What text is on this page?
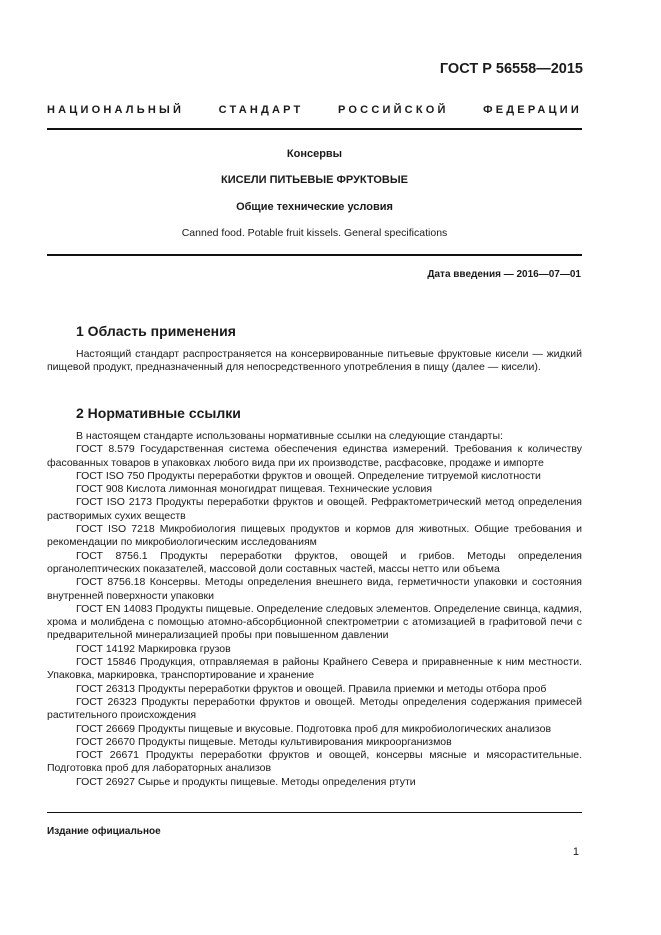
ГОСТ Р 56558—2015
НАЦИОНАЛЬНЫЙ СТАНДАРТ РОССИЙСКОЙ ФЕДЕРАЦИИ
Консервы
КИСЕЛИ ПИТЬЕВЫЕ ФРУКТОВЫЕ
Общие технические условия
Canned food. Potable fruit kissels. General specifications
Дата введения — 2016—07—01
1 Область применения

Настоящий стандарт распространяется на консервированные питьевые фруктовые кисели — жидкий пищевой продукт, предназначенный для непосредственного употребления в пищу (далее — кисели).

2 Нормативные ссылки

В настоящем стандарте использованы нормативные ссылки на следующие стандарты:

ГОСТ 8.579 Государственная система обеспечения единства измерений. Требования к количеству фасованных товаров в упаковках любого вида при их производстве, расфасовке, продаже и импорте

ГОСТ ISO 750 Продукты переработки фруктов и овощей. Определение титруемой кислотности

ГОСТ 908 Кислота лимонная моногидрат пищевая. Технические условия

ГОСТ ISO 2173 Продукты переработки фруктов и овощей. Рефрактометрический метод определения растворимых сухих веществ

ГОСТ ISO 7218 Микробиология пищевых продуктов и кормов для животных. Общие требования и рекомендации по микробиологическим исследованиям

ГОСТ 8756.1 Продукты переработки фруктов, овощей и грибов. Методы определения органолептических показателей, массовой доли составных частей, массы нетто или объема

ГОСТ 8756.18 Консервы. Методы определения внешнего вида, герметичности упаковки и состояния внутренней поверхности упаковки

ГОСТ EN 14083 Продукты пищевые. Определение следовых элементов. Определение свинца, кадмия, хрома и молибдена с помощью атомно-абсорбционной спектрометрии с атомизацией в графитовой печи с предварительной минерализацией пробы при повышенном давлении

ГОСТ 14192 Маркировка грузов

ГОСТ 15846 Продукция, отправляемая в районы Крайнего Севера и приравненные к ним местности. Упаковка, маркировка, транспортирование и хранение

ГОСТ 26313 Продукты переработки фруктов и овощей. Правила приемки и методы отбора проб

ГОСТ 26323 Продукты переработки фруктов и овощей. Методы определения содержания примесей растительного происхождения

ГОСТ 26669 Продукты пищевые и вкусовые. Подготовка проб для микробиологических анализов

ГОСТ 26670 Продукты пищевые. Методы культивирования микроорганизмов

ГОСТ 26671 Продукты переработки фруктов и овощей, консервы мясные и мясорастительные. Подготовка проб для лабораторных анализов

ГОСТ 26927 Сырье и продукты пищевые. Методы определения ртути

Издание официальное
1
